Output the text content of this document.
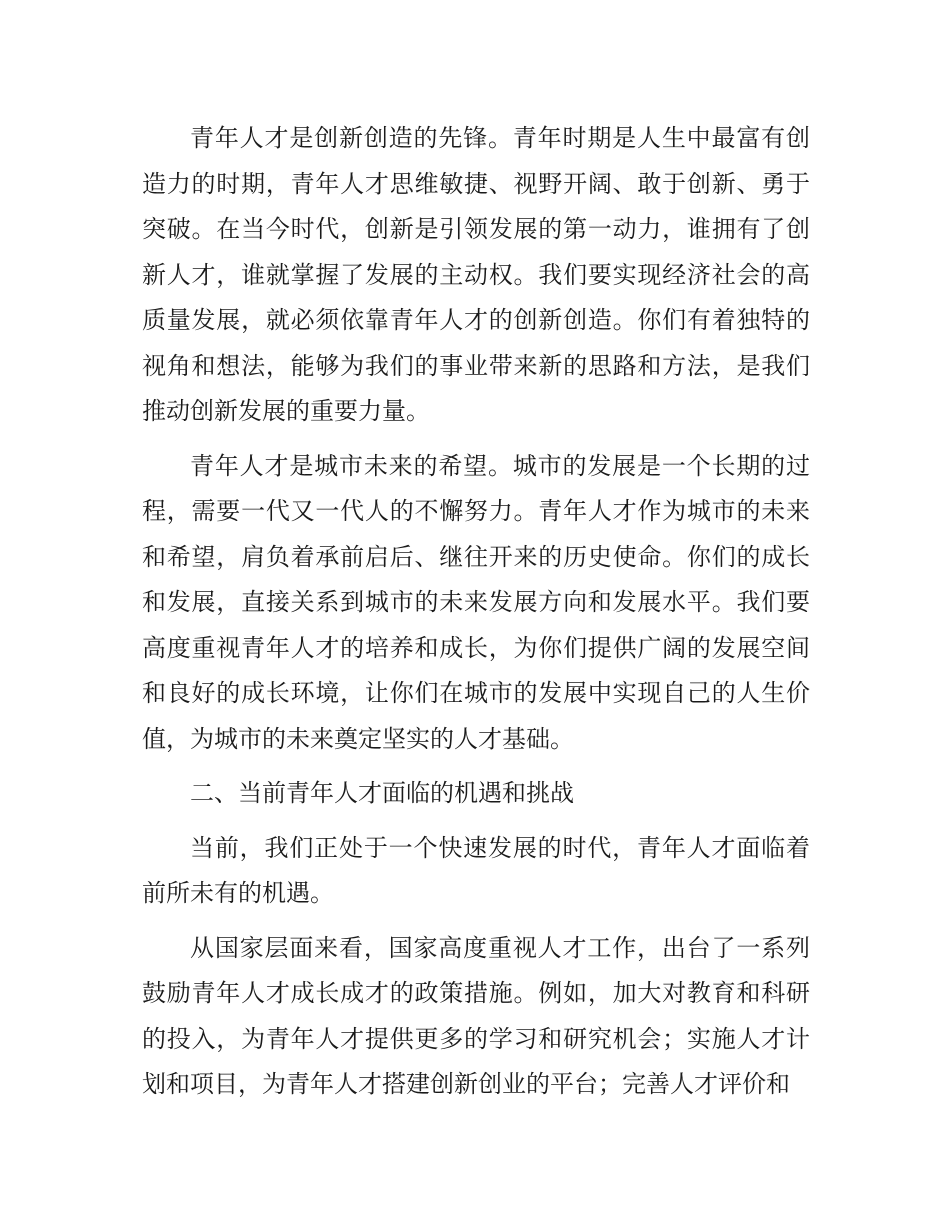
青年人才是创新创造的先锋。青年时期是人生中最富有创造力的时期，青年人才思维敏捷、视野开阔、敢于创新、勇于突破。在当今时代，创新是引领发展的第一动力，谁拥有了创新人才，谁就掌握了发展的主动权。我们要实现经济社会的高质量发展，就必须依靠青年人才的创新创造。你们有着独特的视角和想法，能够为我们的事业带来新的思路和方法，是我们推动创新发展的重要力量。

青年人才是城市未来的希望。城市的发展是一个长期的过程，需要一代又一代人的不懈努力。青年人才作为城市的未来和希望，肩负着承前启后、继往开来的历史使命。你们的成长和发展，直接关系到城市的未来发展方向和发展水平。我们要高度重视青年人才的培养和成长，为你们提供广阔的发展空间和良好的成长环境，让你们在城市的发展中实现自己的人生价值，为城市的未来奠定坚实的人才基础。

二、当前青年人才面临的机遇和挑战

当前，我们正处于一个快速发展的时代，青年人才面临着前所未有的机遇。

从国家层面来看，国家高度重视人才工作，出台了一系列鼓励青年人才成长成才的政策措施。例如，加大对教育和科研的投入，为青年人才提供更多的学习和研究机会；实施人才计划和项目，为青年人才搭建创新创业的平台；完善人才评价和
